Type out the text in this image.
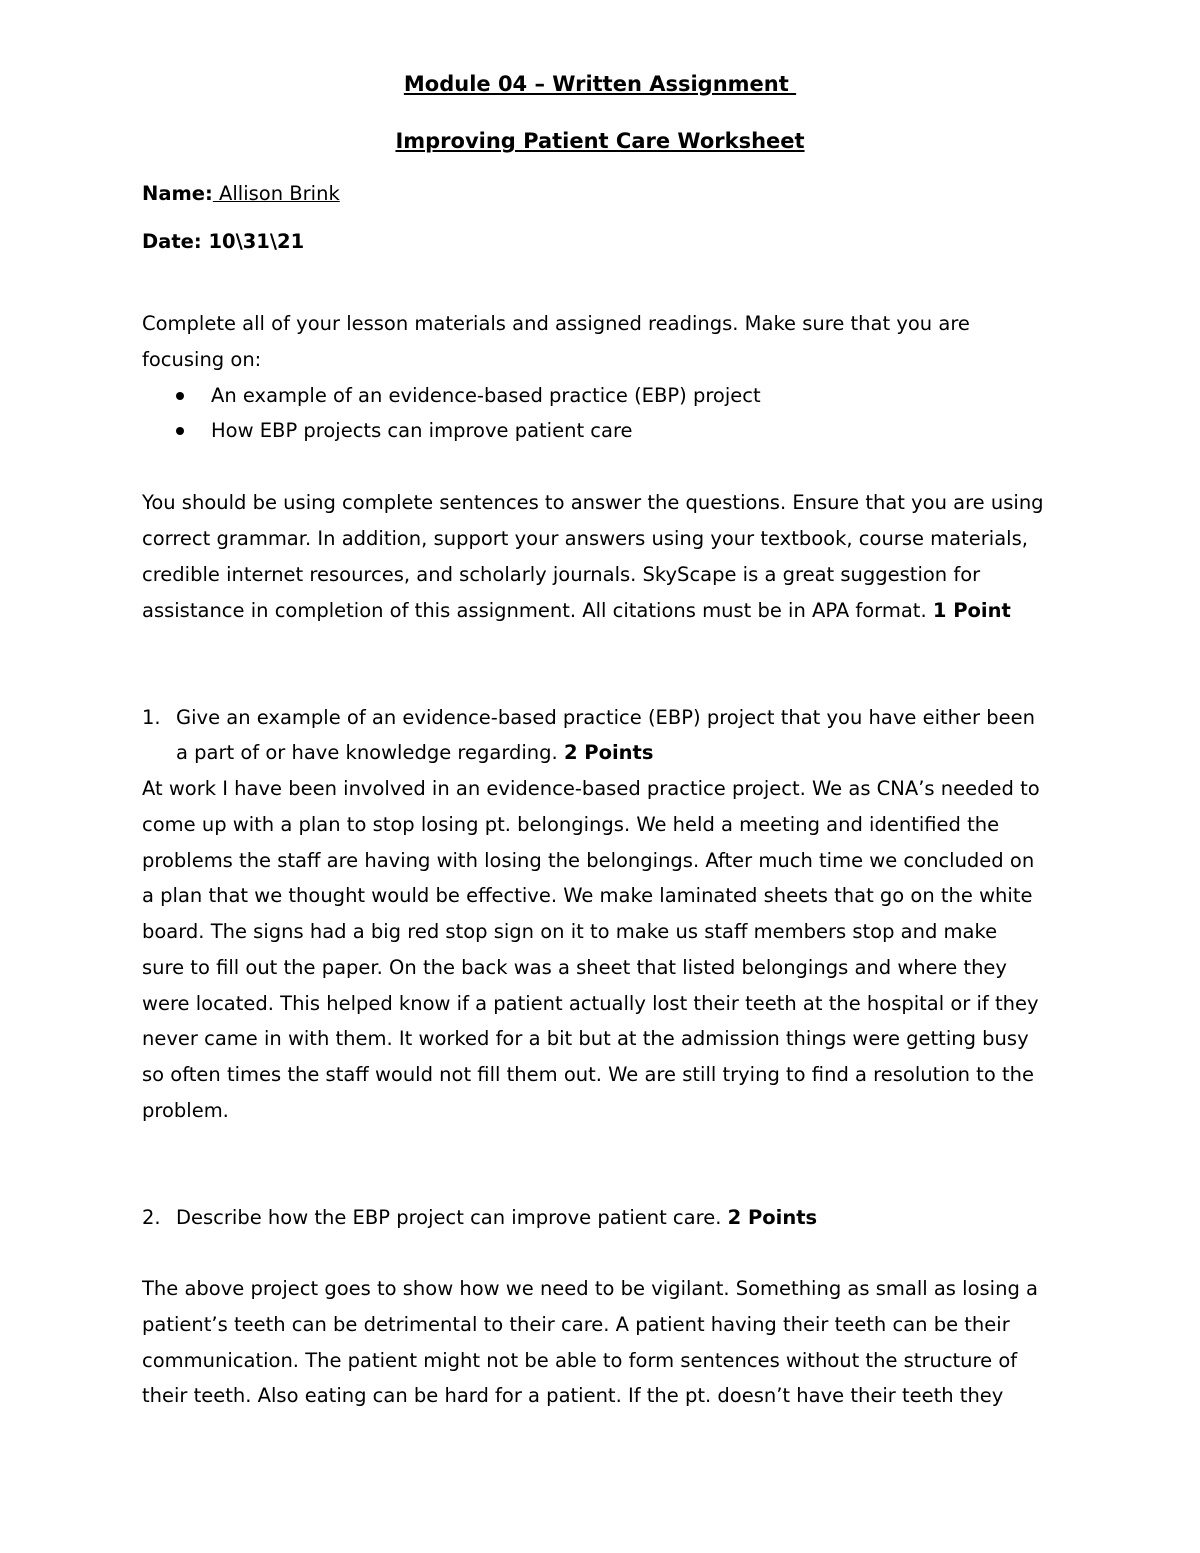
Module 04 – Written Assignment
Improving Patient Care Worksheet
Name: Allison Brink
Date: 10\31\21
Complete all of your lesson materials and assigned readings. Make sure that you are
focusing on:
An example of an evidence-based practice (EBP) project
How EBP projects can improve patient care
You should be using complete sentences to answer the questions. Ensure that you are using
correct grammar. In addition, support your answers using your textbook, course materials,
credible internet resources, and scholarly journals. SkyScape is a great suggestion for
assistance in completion of this assignment. All citations must be in APA format. 1 Point
1. Give an example of an evidence-based practice (EBP) project that you have either been
a part of or have knowledge regarding. 2 Points
At work I have been involved in an evidence-based practice project. We as CNA’s needed to
come up with a plan to stop losing pt. belongings. We held a meeting and identified the
problems the staff are having with losing the belongings. After much time we concluded on
a plan that we thought would be effective. We make laminated sheets that go on the white
board. The signs had a big red stop sign on it to make us staff members stop and make
sure to fill out the paper. On the back was a sheet that listed belongings and where they
were located. This helped know if a patient actually lost their teeth at the hospital or if they
never came in with them. It worked for a bit but at the admission things were getting busy
so often times the staff would not fill them out. We are still trying to find a resolution to the
problem.
2. Describe how the EBP project can improve patient care. 2 Points
The above project goes to show how we need to be vigilant. Something as small as losing a
patient’s teeth can be detrimental to their care. A patient having their teeth can be their
communication. The patient might not be able to form sentences without the structure of
their teeth. Also eating can be hard for a patient. If the pt. doesn’t have their teeth they
